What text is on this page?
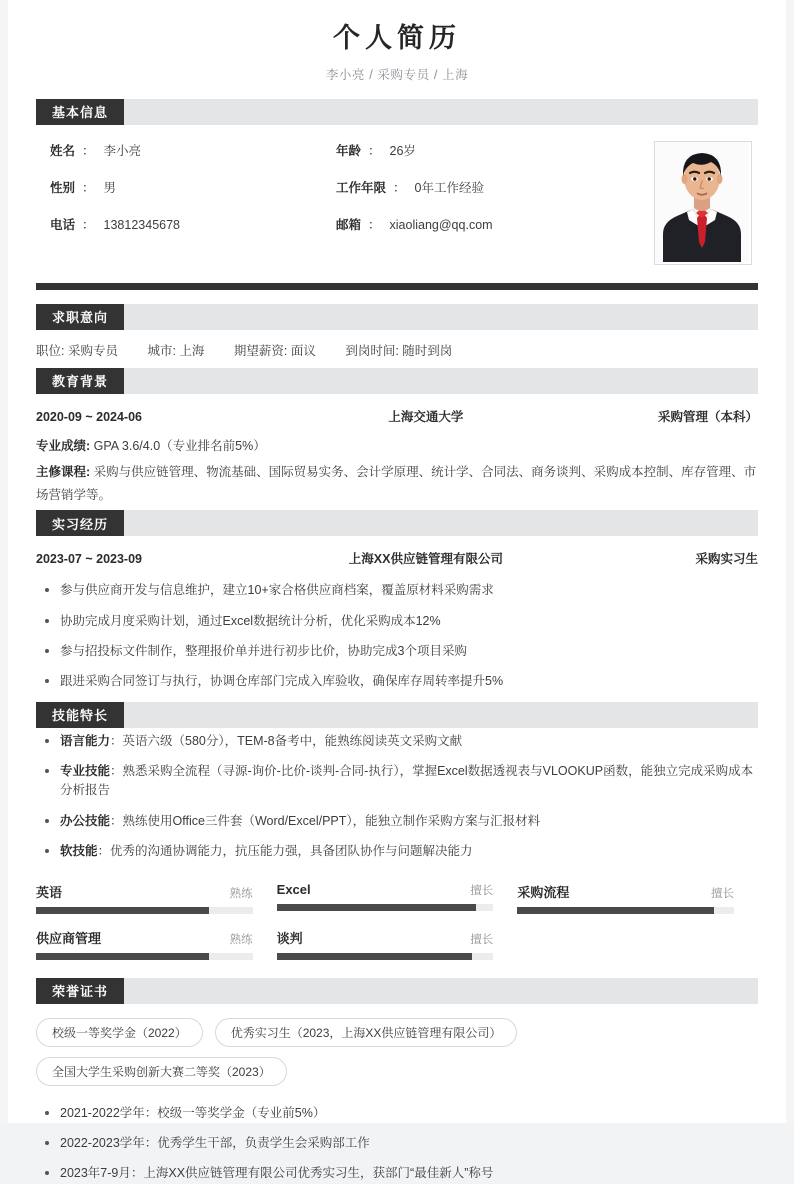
个人简历
李小亮 / 采购专员 / 上海
基本信息
姓名 ： 李小亮	年龄 ： 26岁
性别 ： 男	工作年限 ： 0年工作经验
电话 ： 13812345678	邮箱 ： xiaoliang@qq.com
求职意向
职位: 采购专员 城市: 上海 期望薪资: 面议 到岗时间: 随时到岗
教育背景
2020-09 ~ 2024-06	上海交通大学	采购管理（本科）
专业成绩: GPA 3.6/4.0（专业排名前5%）
主修课程: 采购与供应链管理、物流基础、国际贸易实务、会计学原理、统计学、合同法、商务谈判、采购成本控制、库存管理、市场营销学等。
实习经历
2023-07 ~ 2023-09	上海XX供应链管理有限公司	采购实习生
参与供应商开发与信息维护，建立10+家合格供应商档案，覆盖原材料采购需求
协助完成月度采购计划，通过Excel数据统计分析，优化采购成本12%
参与招投标文件制作，整理报价单并进行初步比价，协助完成3个项目采购
跟进采购合同签订与执行，协调仓库部门完成入库验收，确保库存周转率提升5%
技能特长
语言能力：英语六级（580分），TEM-8备考中，能熟练阅读英文采购文献
专业技能：熟悉采购全流程（寻源-询价-比价-谈判-合同-执行），掌握Excel数据透视表与VLOOKUP函数，能独立完成采购成本分析报告
办公技能：熟练使用Office三件套（Word/Excel/PPT），能独立制作采购方案与汇报材料
软技能：优秀的沟通协调能力，抗压能力强，具备团队协作与问题解决能力
英语	熟练 Excel	擅长 采购流程	擅长
供应商管理	熟练 谈判	擅长
荣誉证书
校级一等奖学金（2022）	优秀实习生（2023，上海XX供应链管理有限公司）
全国大学生采购创新大赛二等奖（2023）
2021-2022学年：校级一等奖学金（专业前5%）
2022-2023学年：优秀学生干部，负责学生会采购部工作
2023年7-9月：上海XX供应链管理有限公司优秀实习生，获部门“最佳新人”称号
